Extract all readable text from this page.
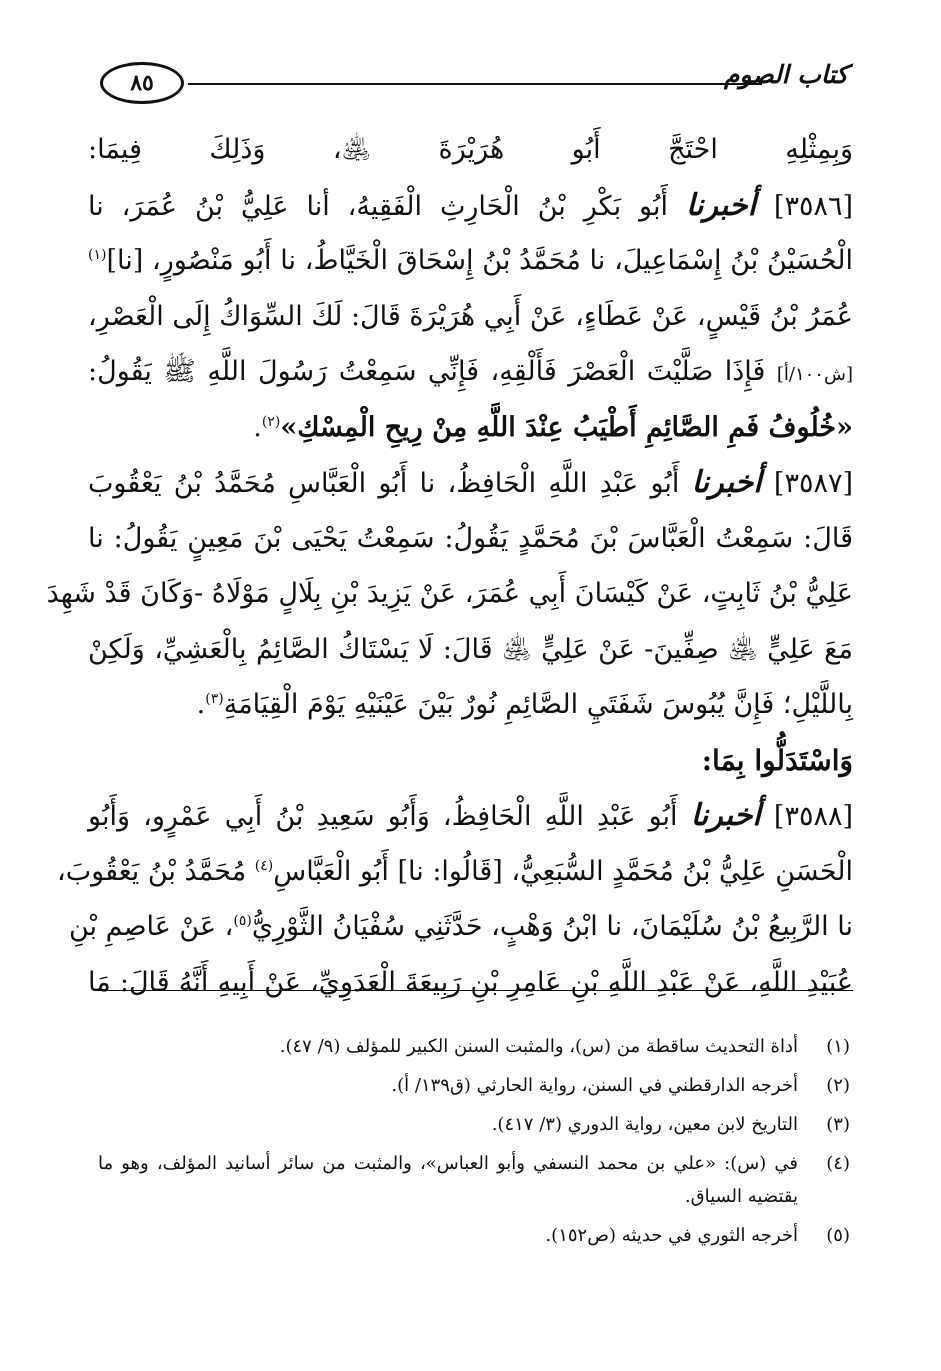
٨٥	كتاب الصوم
وَبِمِثْلِهِ احْتَجَّ أَبُو هُرَيْرَةَ ﵁، وَذَلِكَ فِيمَا:
[٣٥٨٦] أخبرنا أَبُو بَكْرِ بْنُ الْحَارِثِ الْفَقِيهُ، أنا عَلِيُّ بْنُ عُمَرَ، نا
الْحُسَيْنُ بْنُ إِسْمَاعِيلَ، نا مُحَمَّدُ بْنُ إِسْحَاقَ الْخَيَّاطُ، نا أَبُو مَنْصُورٍ، [نا]$^{(١)}$
عُمَرُ بْنُ قَيْسٍ، عَنْ عَطَاءٍ، عَنْ أَبِي هُرَيْرَةَ قَالَ: لَكَ السِّوَاكُ إِلَى الْعَصْرِ،
[ش١٠٠/أ] فَإِذَا صَلَّيْتَ الْعَصْرَ فَأَلْقِهِ، فَإِنِّي سَمِعْتُ رَسُولَ اللَّهِ ﷺ يَقُولُ:
«خُلُوفُ فَمِ الصَّائِمِ أَطْيَبُ عِنْدَ اللَّهِ مِنْ رِيحِ الْمِسْكِ»$^{(٢)}$.
[٣٥٨٧] أخبرنا أَبُو عَبْدِ اللَّهِ الْحَافِظُ، نا أَبُو الْعَبَّاسِ مُحَمَّدُ بْنُ يَعْقُوبَ
قَالَ: سَمِعْتُ الْعَبَّاسَ بْنَ مُحَمَّدٍ يَقُولُ: سَمِعْتُ يَحْيَى بْنَ مَعِينٍ يَقُولُ: نا
عَلِيُّ بْنُ ثَابِتٍ، عَنْ كَيْسَانَ أَبِي عُمَرَ، عَنْ يَزِيدَ بْنِ بِلَالٍ مَوْلَاهُ -وَكَانَ قَدْ شَهِدَ
مَعَ عَلِيٍّ ﵁ صِفِّينَ- عَنْ عَلِيٍّ ﵁ قَالَ: لَا يَسْتَاكُ الصَّائِمُ بِالْعَشِيِّ، وَلَكِنْ
بِاللَّيْلِ؛ فَإِنَّ يُبُوسَ شَفَتَيِ الصَّائِمِ نُورٌ بَيْنَ عَيْنَيْهِ يَوْمَ الْقِيَامَةِ$^{(٣)}$.
وَاسْتَدَلُّوا بِمَا:
[٣٥٨٨] أخبرنا أَبُو عَبْدِ اللَّهِ الْحَافِظُ، وَأَبُو سَعِيدِ بْنُ أَبِي عَمْرٍو، وَأَبُو
الْحَسَنِ عَلِيُّ بْنُ مُحَمَّدٍ السُّبَعِيُّ، [قَالُوا: نا] أَبُو الْعَبَّاسِ$^{(٤)}$ مُحَمَّدُ بْنُ يَعْقُوبَ،
نا الرَّبِيعُ بْنُ سُلَيْمَانَ، نا ابْنُ وَهْبٍ، حَدَّثَنِي سُفْيَانُ الثَّوْرِيُّ$^{(٥)}$، عَنْ عَاصِمِ بْنِ
عُبَيْدِ اللَّهِ، عَنْ عَبْدِ اللَّهِ بْنِ عَامِرِ بْنِ رَبِيعَةَ الْعَدَوِيِّ، عَنْ أَبِيهِ أَنَّهُ قَالَ: مَا
(١)
أداة التحديث ساقطة من (س)، والمثبت السنن الكبير للمؤلف (٩/ ٤٧).
(٢)
أخرجه الدارقطني في السنن، رواية الحارثي (ق١٣٩/ أ).
(٣)
التاريخ لابن معين، رواية الدوري (٣/ ٤١٧).
(٤)
في (س): «علي بن محمد النسفي وأبو العباس»، والمثبت من سائر أسانيد المؤلف، وهو ما يقتضيه السياق.
(٥)
أخرجه الثوري في حديثه (ص١٥٢).
